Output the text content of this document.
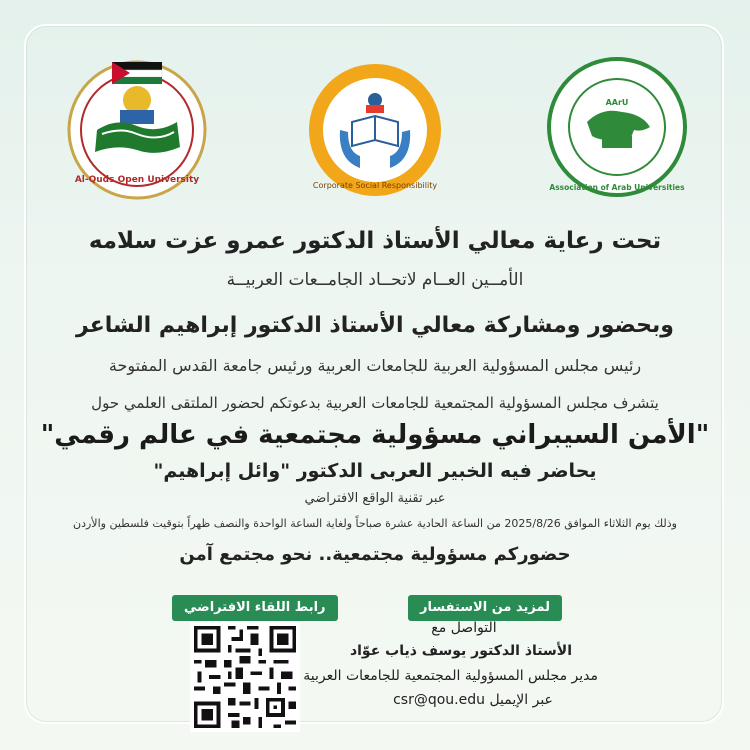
Al-Quds Open University
Corporate Social Responsibility
AArU
Association of Arab Universities
تحت رعاية معالي الأستاذ الدكتور عمرو عزت سلامه
الأمــين العــام لاتحــاد الجامــعات العربيــة
وبحضور ومشاركة معالي الأستاذ الدكتور إبراهيم الشاعر
رئيس مجلس المسؤولية العربية للجامعات العربية ورئيس جامعة القدس المفتوحة
يتشرف مجلس المسؤولية المجتمعية للجامعات العربية بدعوتكم لحضور الملتقى العلمي حول
"الأمن السيبراني مسؤولية مجتمعية في عالم رقمي"
يحاضر فيه الخبير العربى الدكتور "وائل إبراهيم"
عبر تقنية الواقع الافتراضي
وذلك يوم الثلاثاء الموافق 2025/8/26 من الساعة الحادية عشرة صباحاً ولغاية الساعة الواحدة والنصف ظهراً بتوقيت فلسطين والأردن
حضوركم مسؤولية مجتمعية.. نحو مجتمع آمن
لمزيد من الاستفسار
رابط اللقاء الافتراضي
التواصل مع
الأستاذ الدكتور يوسف ذياب عوّاد
مدير مجلس المسؤولية المجتمعية للجامعات العربية
عبر الإيميل csr@qou.edu
